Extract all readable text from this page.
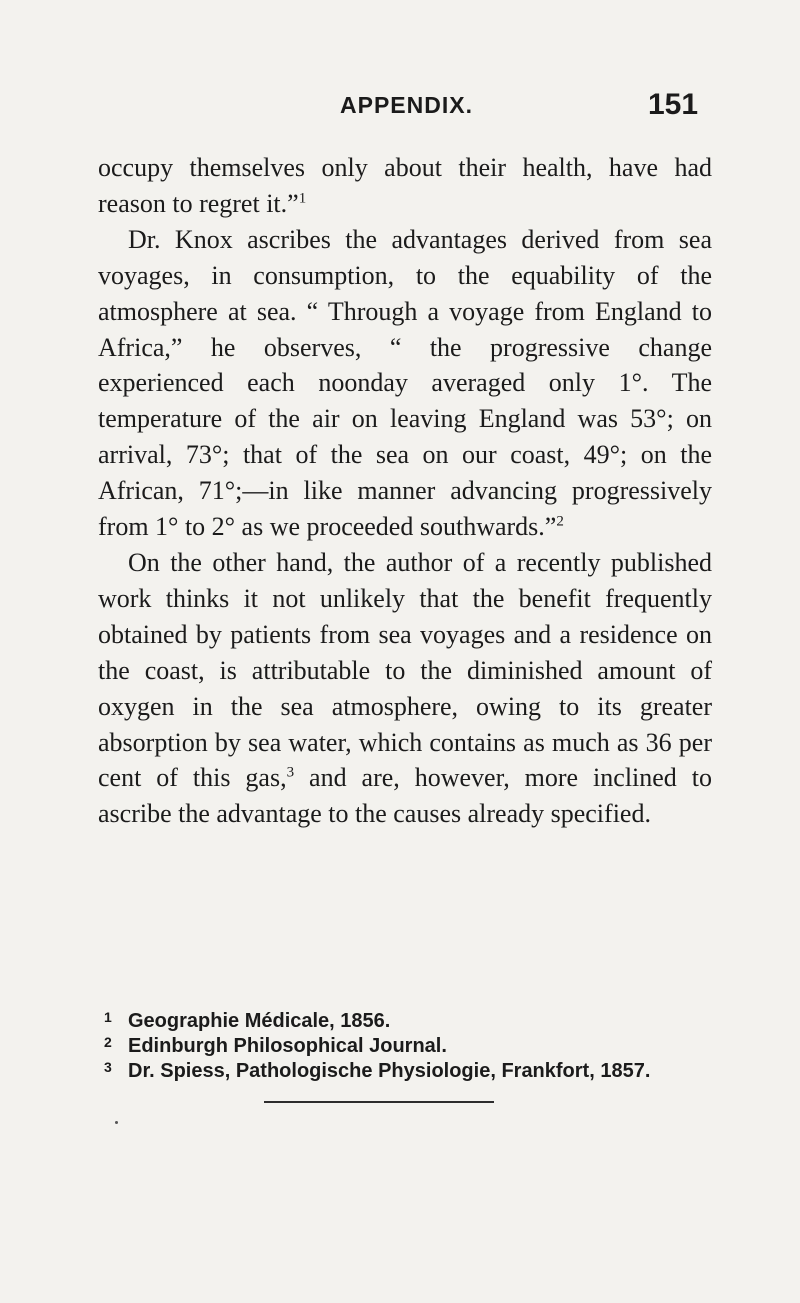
APPENDIX.	151

occupy themselves only about their health, have had reason to regret it.”$^1$

Dr. Knox ascribes the advantages derived from sea voyages, in consumption, to the equability of the atmosphere at sea. “ Through a voyage from England to Africa,” he observes, “ the progressive change experienced each noonday averaged only 1°. The temperature of the air on leaving England was 53°; on arrival, 73°; that of the sea on our coast, 49°; on the African, 71°;—in like manner advancing progressively from 1° to 2° as we proceeded southwards.”$^2$

On the other hand, the author of a recently published work thinks it not unlikely that the benefit frequently obtained by patients from sea voyages and a residence on the coast, is attributable to the diminished amount of oxygen in the sea atmosphere, owing to its greater absorption by sea water, which contains as much as 36 per cent of this gas,$^3$ and are, however, more inclined to ascribe the advantage to the causes already specified.

1 Geographie Médicale, 1856.

2 Edinburgh Philosophical Journal.

3 Dr. Spiess, Pathologische Physiologie, Frankfort, 1857.
